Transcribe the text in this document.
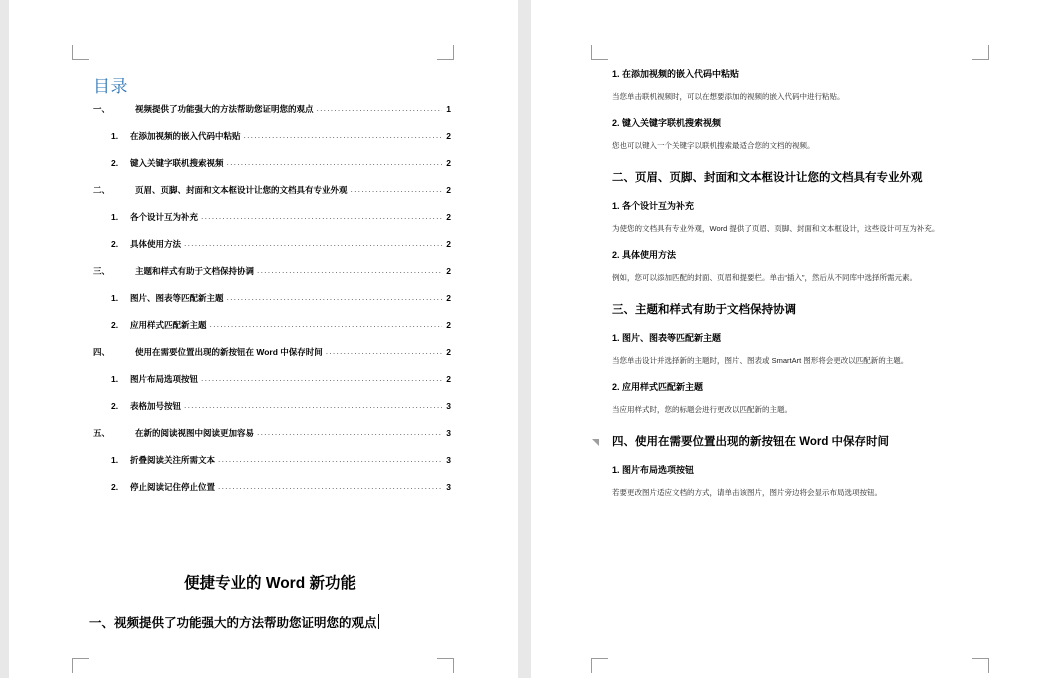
目录
一、	视频提供了功能强大的方法帮助您证明您的观点 .....	1
1.	在添加视频的嵌入代码中粘贴 .....	2
2.	键入关键字联机搜索视频 .....	2
二、	页眉、页脚、封面和文本框设计让您的文档具有专业外观 .....	2
1.	各个设计互为补充 .....	2
2.	具体使用方法 .....	2
三、	主题和样式有助于文档保持协调 .....	2
1.	图片、图表等匹配新主题 .....	2
2.	应用样式匹配新主题 .....	2
四、	使用在需要位置出现的新按钮在 Word 中保存时间 .....	2
1.	图片布局选项按钮 .....	2
2.	表格加号按钮 .....	3
五、	在新的阅读视图中阅读更加容易 .....	3
1.	折叠阅读关注所需文本 .....	3
2.	停止阅读记住停止位置 .....	3
便捷专业的 Word 新功能
一、视频提供了功能强大的方法帮助您证明您的观点
1. 在添加视频的嵌入代码中粘贴
当您单击联机视频时，可以在想要添加的视频的嵌入代码中进行粘贴。
2. 键入关键字联机搜索视频
您也可以键入一个关键字以联机搜索最适合您的文档的视频。
二、页眉、页脚、封面和文本框设计让您的文档具有专业外观
1. 各个设计互为补充
为使您的文档具有专业外观，Word 提供了页眉、页脚、封面和文本框设计，这些设计可互为补充。
2. 具体使用方法
例如，您可以添加匹配的封面、页眉和提要栏。单击“插入”，然后从不同库中选择所需元素。
三、主题和样式有助于文档保持协调
1. 图片、图表等匹配新主题
当您单击设计并选择新的主题时，图片、图表或 SmartArt 图形将会更改以匹配新的主题。
2. 应用样式匹配新主题
当应用样式时，您的标题会进行更改以匹配新的主题。
四、使用在需要位置出现的新按钮在 Word 中保存时间
1. 图片布局选项按钮
若要更改图片适应文档的方式，请单击该图片，图片旁边将会显示布局选项按钮。
